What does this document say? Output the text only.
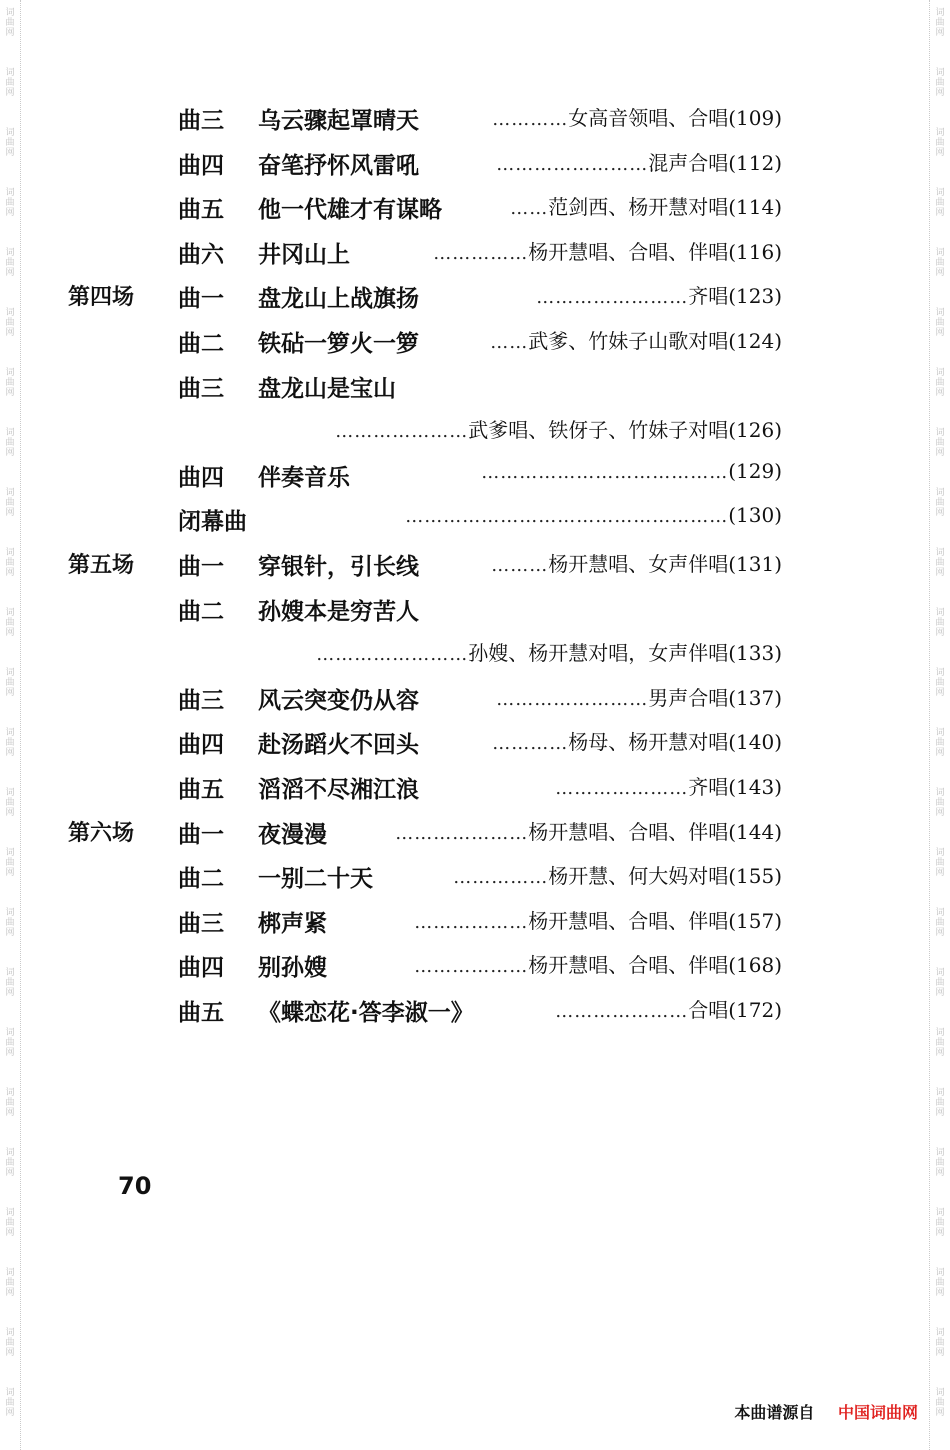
词
曲
网
词
曲
网
词
曲
网
词
曲
网
词
曲
网
词
曲
网
词
曲
网
词
曲
网
词
曲
网
词
曲
网
词
曲
网
词
曲
网
词
曲
网
词
曲
网
词
曲
网
词
曲
网
词
曲
网
词
曲
网
词
曲
网
词
曲
网
词
曲
网
词
曲
网
词
曲
网
词
曲
网
词
曲
网
词
曲
网
词
曲
网
词
曲
网
词
曲
网
词
曲
网
词
曲
网
词
曲
网
词
曲
网
词
曲
网
词
曲
网
词
曲
网
词
曲
网
词
曲
网
词
曲
网
词
曲
网
词
曲
网
词
曲
网
词
曲
网
词
曲
网
词
曲
网
词
曲
网
词
曲
网
词
曲
网
曲三 乌云骤起罩晴天	………… 女高音领唱、合唱 (109)
曲四 奋笔抒怀风雷吼	…………………… 混声合唱 (112)
曲五 他一代雄才有谋略	…… 范剑西、杨开慧对唱 (114)
曲六 井冈山上	…………… 杨开慧唱、合唱、伴唱 (116)
第四场 曲一 盘龙山上战旗扬	…………………… 齐唱 (123)
曲二 铁砧一箩火一箩	…… 武爹、竹妹子山歌对唱 (124)
曲三 盘龙山是宝山
………………… 武爹唱、铁伢子、竹妹子对唱 (126)
曲四 伴奏音乐	………………………………… (129)
闭幕曲	…………………………………………… (130)
第五场 曲一 穿银针，引长线	……… 杨开慧唱、女声伴唱 (131)
曲二 孙嫂本是穷苦人
…………………… 孙嫂、杨开慧对唱，女声伴唱 (133)
曲三 风云突变仍从容	…………………… 男声合唱 (137)
曲四 赴汤蹈火不回头	………… 杨母、杨开慧对唱 (140)
曲五 滔滔不尽湘江浪	………………… 齐唱 (143)
第六场 曲一 夜漫漫	………………… 杨开慧唱、合唱、伴唱 (144)
曲二 一别二十天	…………… 杨开慧、何大妈对唱 (155)
曲三 梆声紧	……………… 杨开慧唱、合唱、伴唱 (157)
曲四 别孙嫂	……………… 杨开慧唱、合唱、伴唱 (168)
曲五 《蝶恋花·答李淑一》	………………… 合唱 (172)
70
本曲谱源自 中国词曲网
